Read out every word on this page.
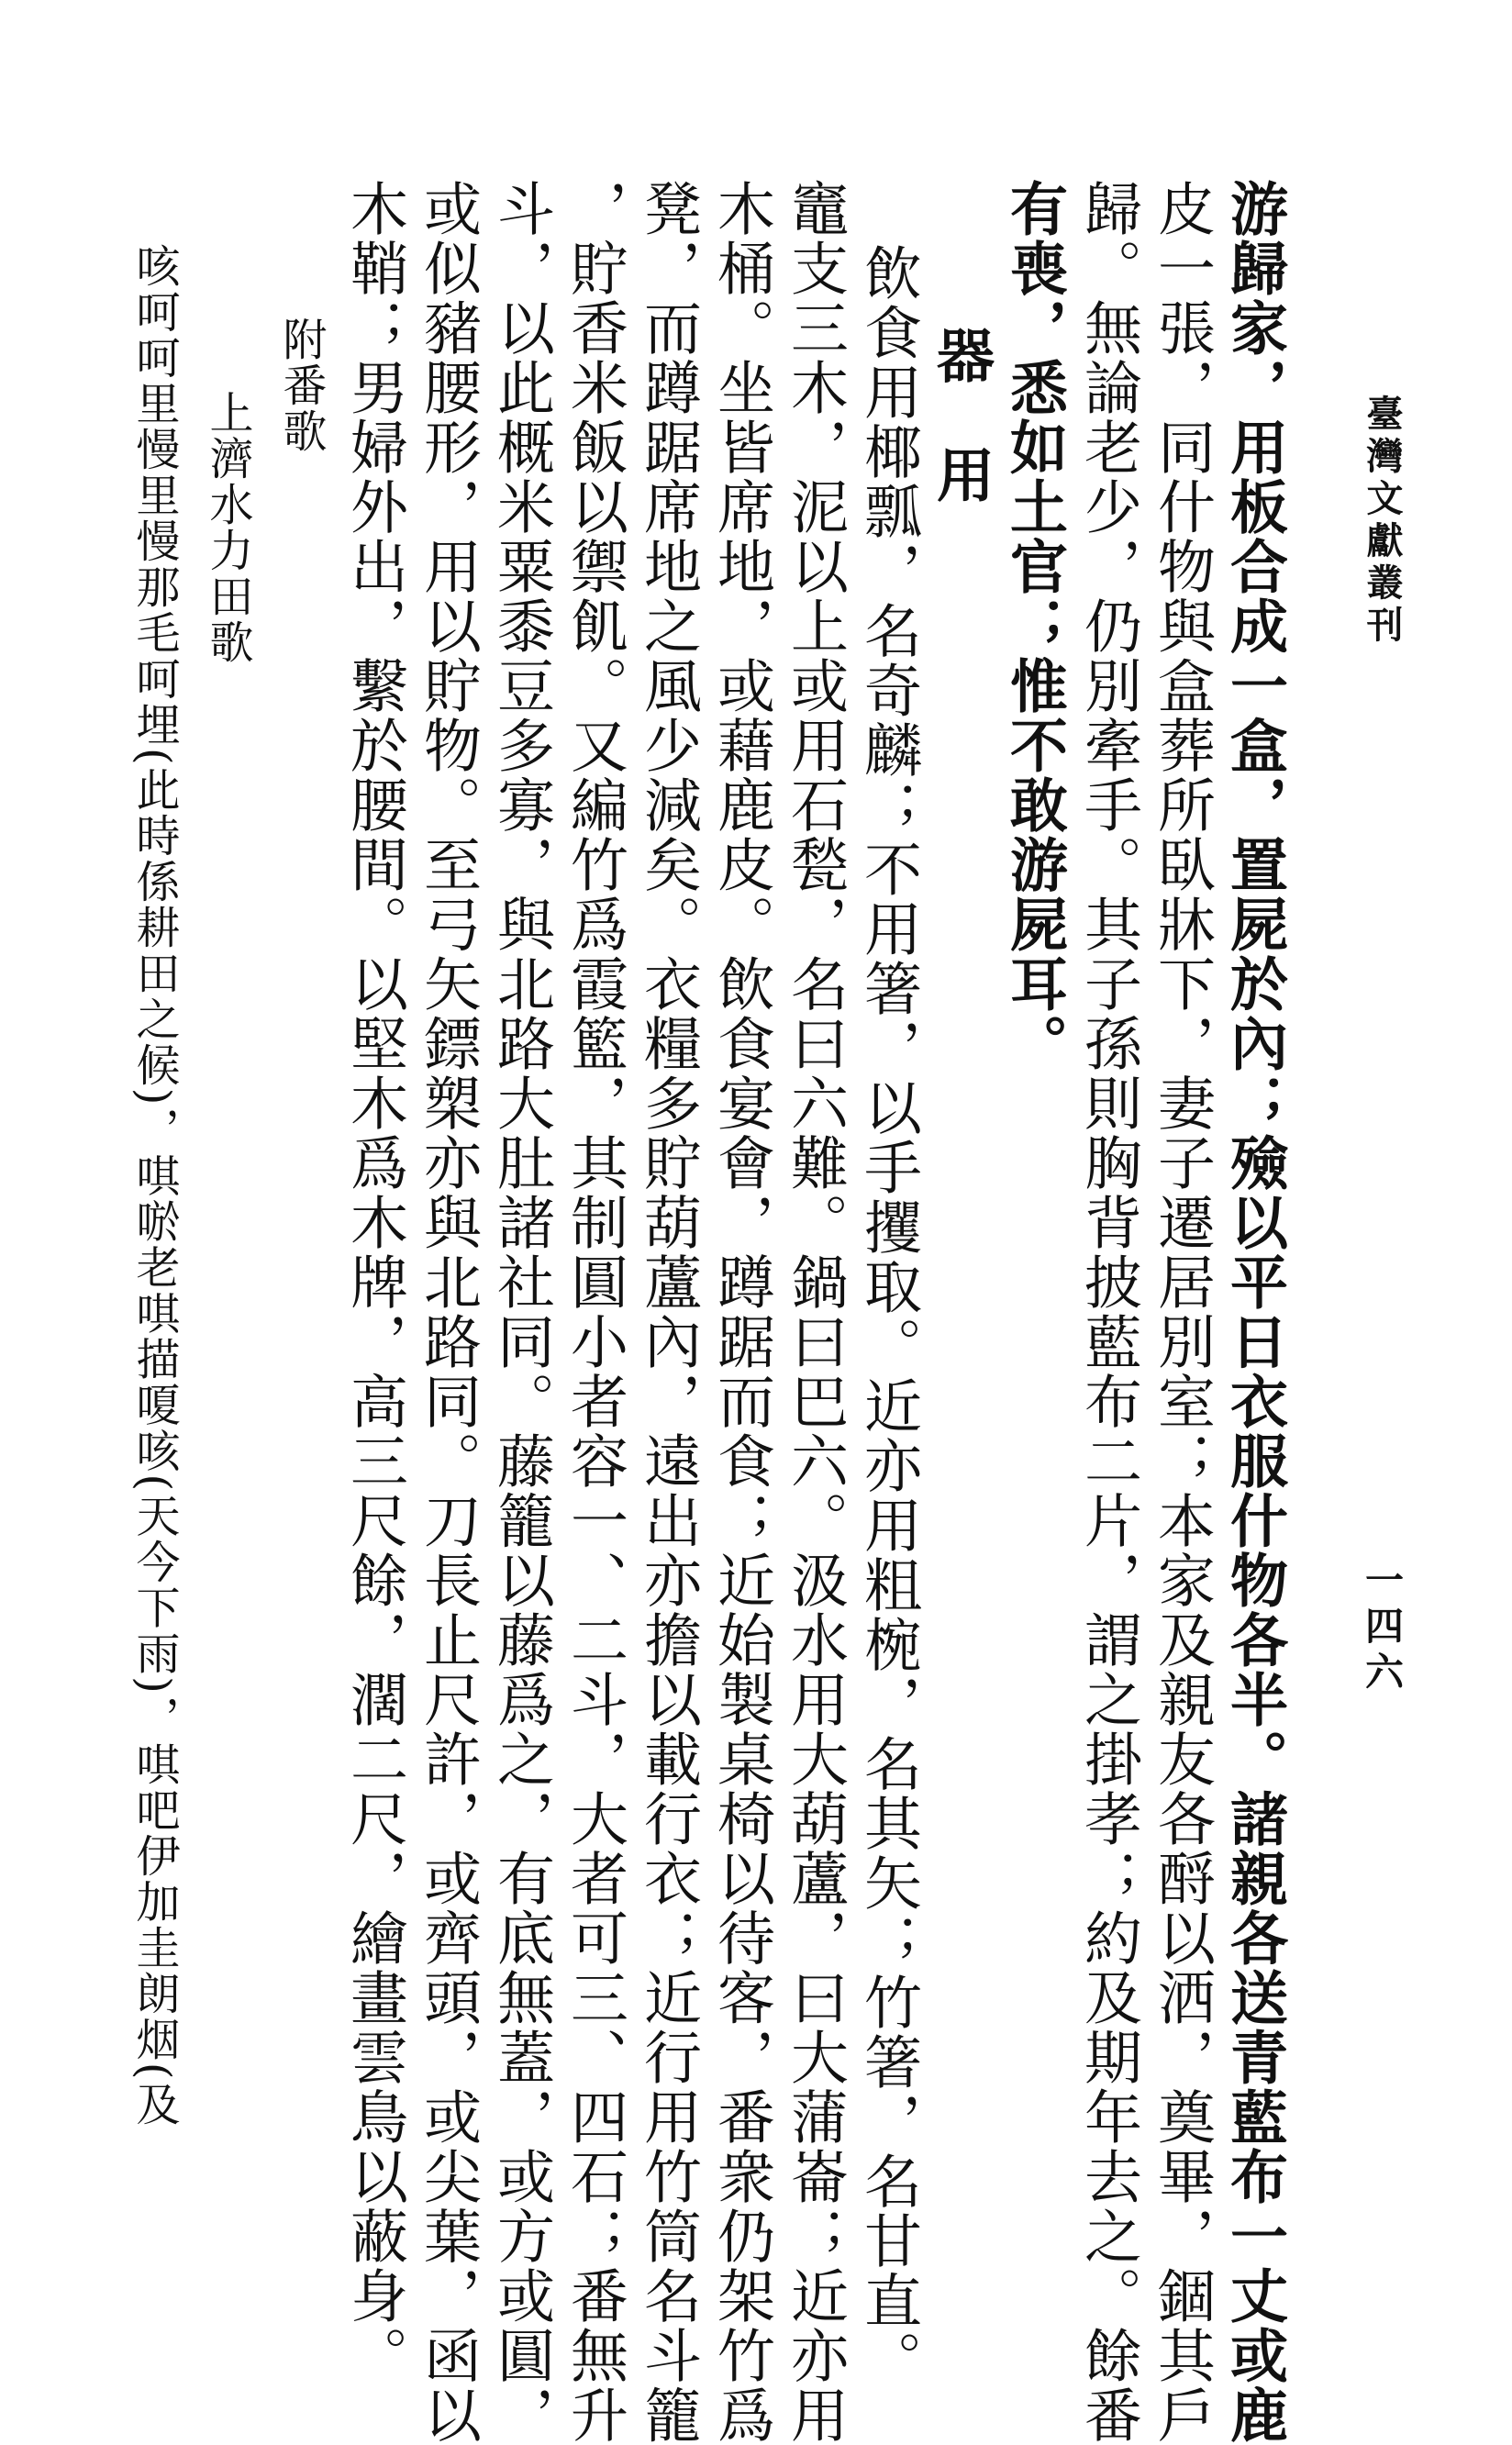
臺灣文獻叢刊
一四六
游歸家，用板合成一盒，置屍於內；殮以平日衣服什物各半。諸親各送青藍布一丈或鹿
皮一張，同什物與盒葬所臥牀下，妻子遷居別室；本家及親友各酹以洒，奠畢，錮其戶
歸。無論老少，仍別牽手。其子孫則胸背披藍布二片，謂之掛孝；約及期年去之。餘番
有喪，悉如土官；惟不敢游屍耳。
器　用
飲食用椰瓢，名奇麟；不用箸，以手攫取。近亦用粗椀，名其矢；竹箸，名甘直。
竈支三木，泥以上或用石甃，名曰六難。鍋曰巴六。汲水用大葫蘆，曰大蒲崙；近亦用
木桶。坐皆席地，或藉鹿皮。飲食宴會，蹲踞而食；近始製桌椅以待客，番衆仍架竹爲
凳，而蹲踞席地之風少減矣。衣糧多貯葫蘆內，遠出亦擔以載行衣；近行用竹筒名斗籠
，貯香米飯以禦飢。又編竹爲霞籃，其制圓小者容一、二斗，大者可三、四石；番無升
斗，以此概米粟黍豆多寡，與北路大肚諸社同。藤籠以藤爲之，有底無蓋，或方或圓，
或似豬腰形，用以貯物。至弓矢鏢槊亦與北路同。刀長止尺許，或齊頭，或尖葉，函以
木鞘；男婦外出，繫於腰間。以堅木爲木牌，高三尺餘，濶二尺，繪畫雲鳥以蔽身。
附番歌
上濟水力田歌
咳呵呵里慢里慢那毛呵埋(此時係耕田之候)，唭唹老唭描嗄咳(天今下雨)，唭吧伊加圭朗烟(及
